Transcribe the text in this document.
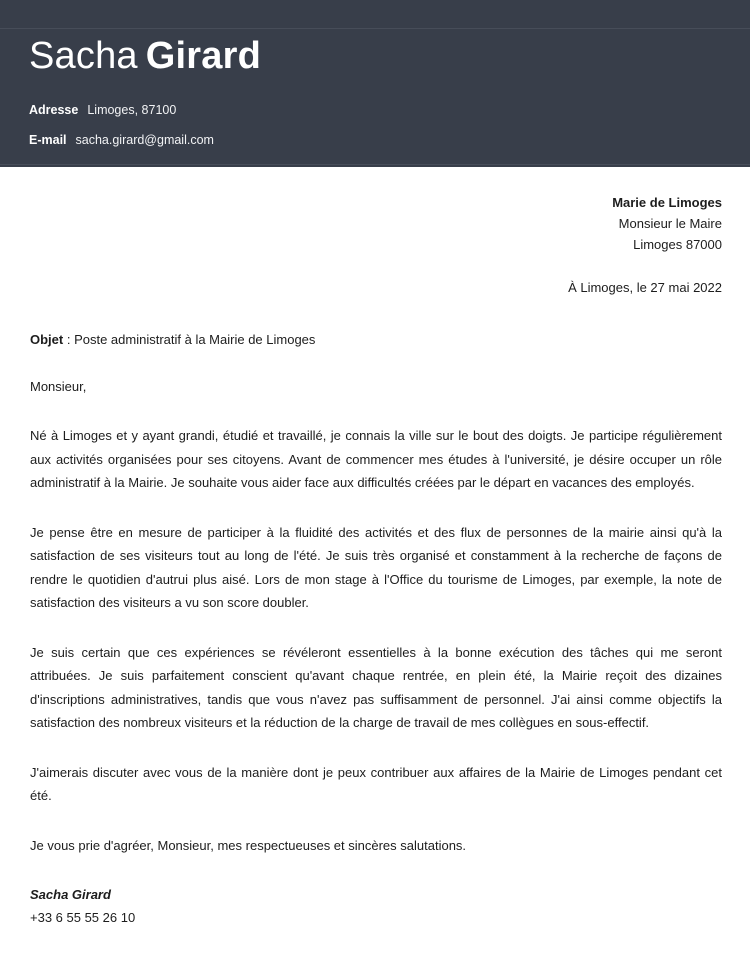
Sacha Girard
Adresse Limoges, 87100
E-mail sacha.girard@gmail.com
Marie de Limoges
Monsieur le Maire
Limoges 87000
À Limoges, le 27 mai 2022
Objet : Poste administratif à la Mairie de Limoges
Monsieur,

Né à Limoges et y ayant grandi, étudié et travaillé, je connais la ville sur le bout des doigts. Je participe régulièrement aux activités organisées pour ses citoyens. Avant de commencer mes études à l'université, je désire occuper un rôle administratif à la Mairie. Je souhaite vous aider face aux difficultés créées par le départ en vacances des employés.

Je pense être en mesure de participer à la fluidité des activités et des flux de personnes de la mairie ainsi qu'à la satisfaction de ses visiteurs tout au long de l'été. Je suis très organisé et constamment à la recherche de façons de rendre le quotidien d'autrui plus aisé. Lors de mon stage à l'Office du tourisme de Limoges, par exemple, la note de satisfaction des visiteurs a vu son score doubler.

Je suis certain que ces expériences se révéleront essentielles à la bonne exécution des tâches qui me seront attribuées. Je suis parfaitement conscient qu'avant chaque rentrée, en plein été, la Mairie reçoit des dizaines d'inscriptions administratives, tandis que vous n'avez pas suffisamment de personnel. J'ai ainsi comme objectifs la satisfaction des nombreux visiteurs et la réduction de la charge de travail de mes collègues en sous-effectif.

J'aimerais discuter avec vous de la manière dont je peux contribuer aux affaires de la Mairie de Limoges pendant cet été.

Je vous prie d'agréer, Monsieur, mes respectueuses et sincères salutations.
Sacha Girard
+33 6 55 55 26 10
